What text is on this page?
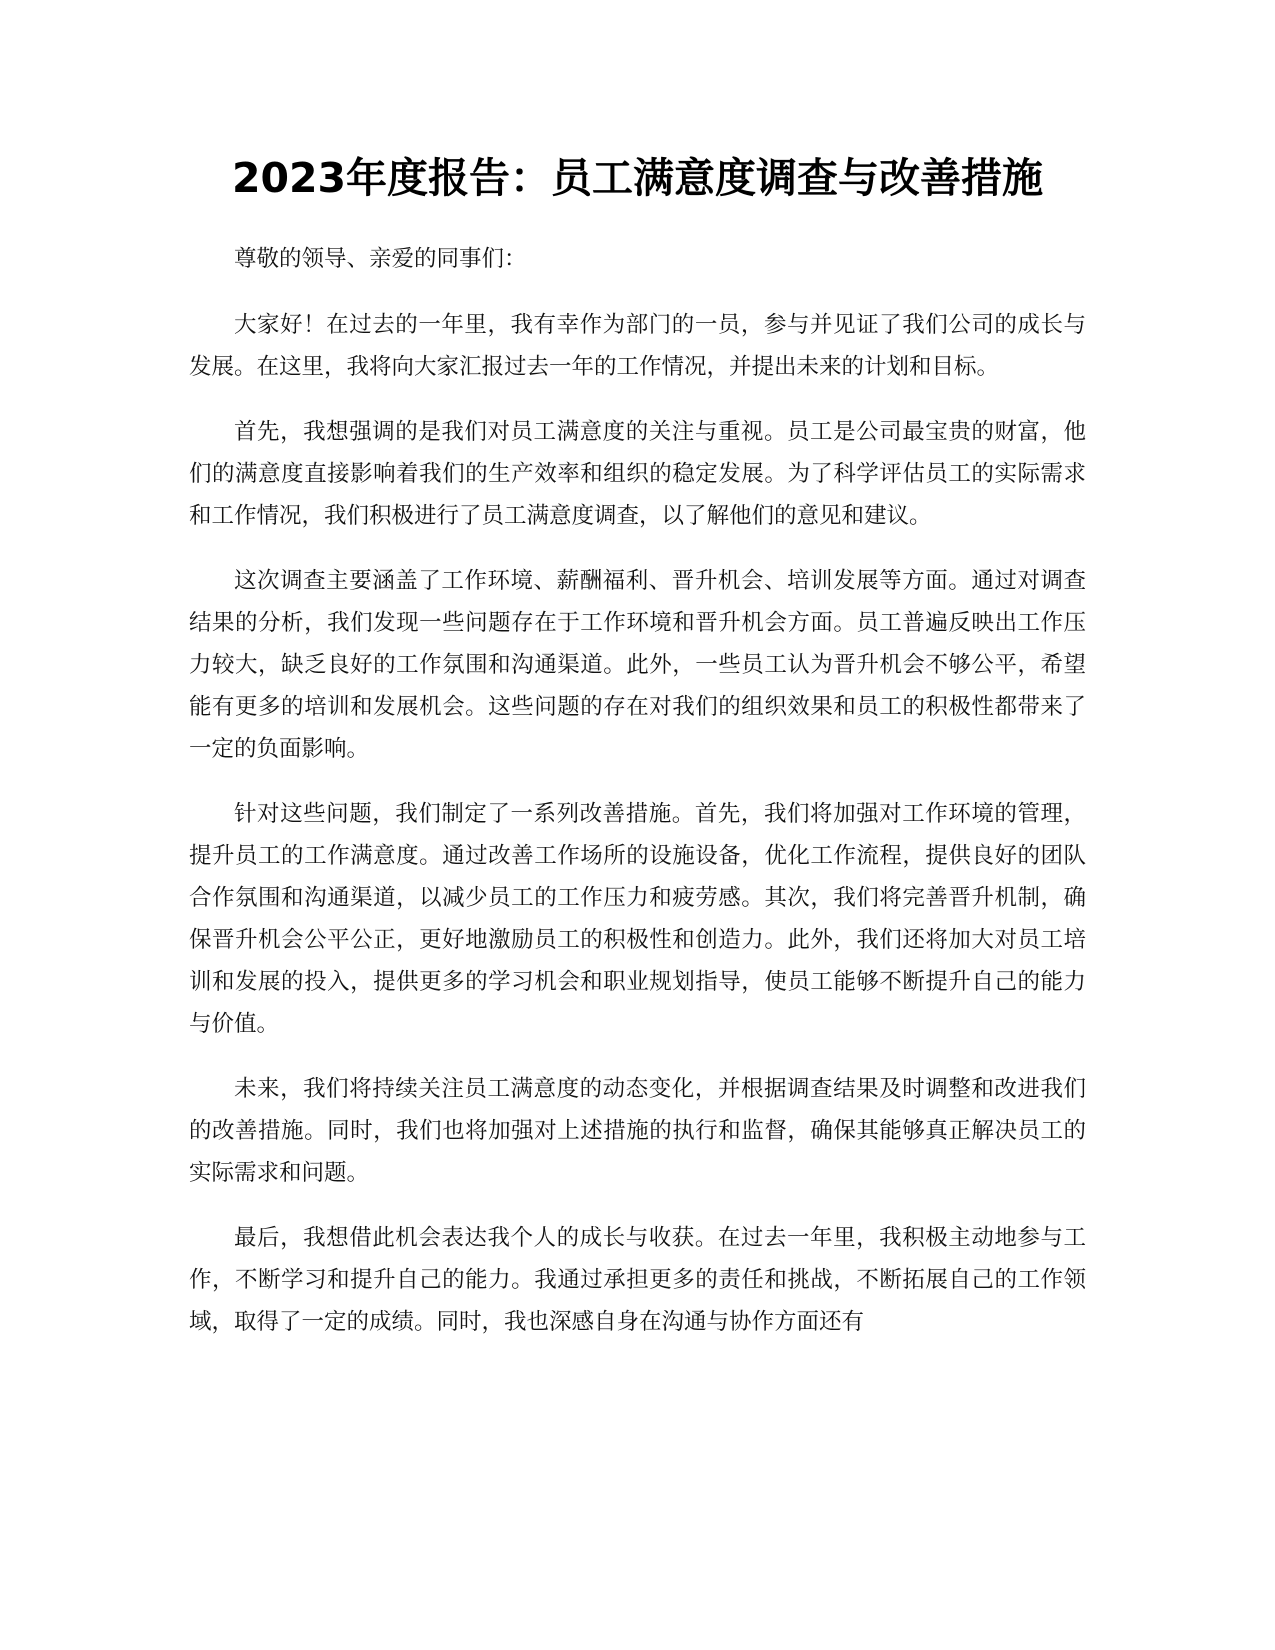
2023年度报告：员工满意度调查与改善措施

尊敬的领导、亲爱的同事们：

大家好！在过去的一年里，我有幸作为部门的一员，参与并见证了我们公司的成长与发展。在这里，我将向大家汇报过去一年的工作情况，并提出未来的计划和目标。

首先，我想强调的是我们对员工满意度的关注与重视。员工是公司最宝贵的财富，他们的满意度直接影响着我们的生产效率和组织的稳定发展。为了科学评估员工的实际需求和工作情况，我们积极进行了员工满意度调查，以了解他们的意见和建议。

这次调查主要涵盖了工作环境、薪酬福利、晋升机会、培训发展等方面。通过对调查结果的分析，我们发现一些问题存在于工作环境和晋升机会方面。员工普遍反映出工作压力较大，缺乏良好的工作氛围和沟通渠道。此外，一些员工认为晋升机会不够公平，希望能有更多的培训和发展机会。这些问题的存在对我们的组织效果和员工的积极性都带来了一定的负面影响。

针对这些问题，我们制定了一系列改善措施。首先，我们将加强对工作环境的管理，提升员工的工作满意度。通过改善工作场所的设施设备，优化工作流程，提供良好的团队合作氛围和沟通渠道，以减少员工的工作压力和疲劳感。其次，我们将完善晋升机制，确保晋升机会公平公正，更好地激励员工的积极性和创造力。此外，我们还将加大对员工培训和发展的投入，提供更多的学习机会和职业规划指导，使员工能够不断提升自己的能力与价值。

未来，我们将持续关注员工满意度的动态变化，并根据调查结果及时调整和改进我们的改善措施。同时，我们也将加强对上述措施的执行和监督，确保其能够真正解决员工的实际需求和问题。

最后，我想借此机会表达我个人的成长与收获。在过去一年里，我积极主动地参与工作，不断学习和提升自己的能力。我通过承担更多的责任和挑战，不断拓展自己的工作领域，取得了一定的成绩。同时，我也深感自身在沟通与协作方面还有
